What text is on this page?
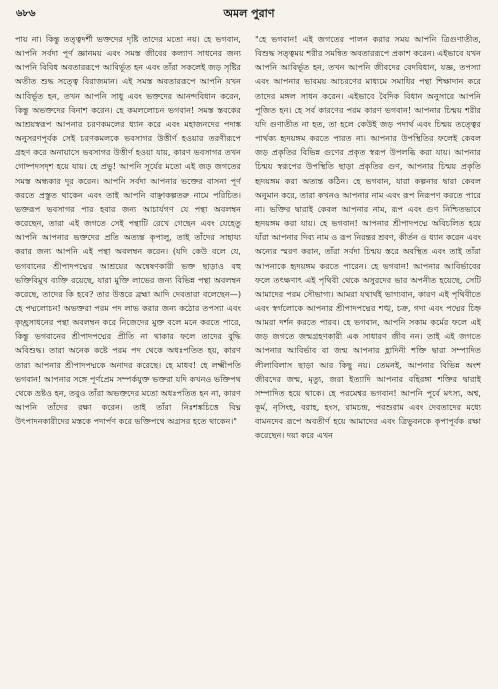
৬৮৬	অমল পুরাণ

পায় না। কিন্তু তত্ত্বদর্শী ভক্তদের দৃষ্টি তাদের মতো নয়। হে ভগবান, আপনি সর্বদা পূর্ণ জ্ঞানময় এবং সমস্ত জীবের কল্যাণ সাধনের জন্য আপনি বিবিধ অবতাররূপে আবির্ভূত হন এবং তাঁরা সকলেই জড় সৃষ্টির অতীত শুদ্ধ সত্ত্বে বিরাজমান। এই সমস্ত অবতাররূপে আপনি যখন আবির্ভূত হন, তখন আপনি সাধু এবং ভক্তদের আনন্দবিধান করেন, কিন্তু অভক্তদের বিনাশ করেন। হে কমললোচন ভগবান! সমস্ত স্তবকের আশ্রয়স্বরূপ আপনার চরণকমলের ধ্যান করে এবং মহাজনদের পদাঙ্ক অনুসরণপূর্বক সেই চরণকমলকে ভবসাগর উত্তীর্ণ হওয়ার তরণীরূপে গ্রহণ করে অনায়াসে ভবসাগর উত্তীর্ণ হওয়া যায়, কারণ ভবসাগর তখন গোষ্পদসদৃশ হয়ে যায়। হে প্রভু! আপনি সূর্যের মতো এই জড় জগতের সমস্ত অন্ধকার দূর করেন। আপনি সর্বদা আপনার ভক্তের বাসনা পূর্ণ করতে প্রস্তুত থাকেন এবং তাই আপনি বাঞ্ছাকল্পতরু নামে পরিচিত। ভক্তরূপ ভবসাগর পার হবার জন্য আচার্যগণ যে পন্থা অবলম্বন করেছেন, তারা এই জগতে সেই পন্থাটি রেখে গেছেন এবং যেহেতু আপনি আপনার ভক্তদের প্রতি অত্যন্ত কৃপালু, তাই তাঁদের সাহায্য করার জন্য আপনি এই পন্থা অবলম্বন করেন। (যদি কেউ বলে যে, ভগবানের শ্রীপাদপদ্মের আশ্রয়ের অন্বেষণকারী ভক্ত ছাড়াও বহু ভক্তিবিমুখ ব্যক্তি রয়েছে, যারা মুক্তি লাভের জন্য বিভিন্ন পন্থা অবলম্বন করেছে, তাদের কি হবে? তার উত্তরে ব্রহ্মা আদি দেবতারা বলেছেন—) হে পদ্মলোচন! অভক্তরা পরম পদ লাভ করার জন্য কঠোর তপস্যা এবং কৃচ্ছ্রসাধনের পন্থা অবলম্বন করে নিজেদের মুক্ত বলে মনে করতে পারে, কিন্তু ভগবানের শ্রীপাদপদ্মের প্রীতি না থাকার ফলে তাদের বুদ্ধি অবিশুদ্ধ। তারা অনেক কষ্টে পরম পদ থেকে অধঃপতিত হয়, কারণ তারা আপনার শ্রীপাদপদ্মকে অনাদর করেছে। হে মাধব! হে লক্ষ্মীপতি ভগবান! আপনার সঙ্গে পূর্ণপ্রেম সম্পর্কযুক্ত ভক্তরা যদি কখনও ভক্তিপথ থেকে ভ্রষ্টও হন, তবুও তাঁরা অভক্তদের মতো অধঃপতিত হন না, কারণ আপনি তাঁদের রক্ষা করেন। তাই তাঁরা নিঃশঙ্কচিত্তে বিঘ্ন উৎপাদনকারীদের মস্তকে পদার্পণ করে ভক্তিপথে অগ্রসর হতে থাকেন।"

"হে ভগবান! এই জগতের পালন করার সময় আপনি ত্রিগুণাতীত, বিশুদ্ধ সত্ত্বময় শরীর সমন্বিত অবতাররূপে প্রকাশ করেন। এইভাবে যখন আপনি আবির্ভূত হন, তখন আপনি জীবদের বেদবিধান, যজ্ঞ, তপস্যা এবং আপনার ভাবময় আচরণের মাধ্যমে সমাধির পন্থা শিক্ষাদান করে তাদের মঙ্গল সাধন করেন। এইভাবে বৈদিক বিধান অনুসারে আপনি পূজিত হন। হে সর্ব কারণের পরম কারণ ভগবান! আপনার চিন্ময় শরীর যদি গুণাতীত না হত, তা হলে কেউই জড় পদার্থ এবং চিন্ময় তত্ত্বের পার্থক্য হৃদয়ঙ্গম করতে পারত না। আপনার উপস্থিতির ফলেই কেবল জড় প্রকৃতির বিভিন্ন গুণের প্রকৃত স্বরূপ উপলব্ধি করা যায়। আপনার চিন্ময় স্বরূপের উপস্থিতি ছাড়া প্রকৃতির গুণ, আপনার চিন্ময় প্রকৃতি হৃদয়ঙ্গম করা অত্যন্ত কঠিন। হে ভগবান, যারা কল্পনার দ্বারা কেবল অনুমান করে, তারা কখনও আপনার নাম এবং রূপ নিরূপণ করতে পারে না। ভক্তির দ্বারাই কেবল আপনার নাম, রূপ এবং গুণ নিশ্চিতভাবে হৃদয়ঙ্গম করা যায়। হে ভগবান! আপনার শ্রীপাদপদ্মে অবিচলিত হয়ে যাঁরা আপনার দিব্য নাম ও রূপ নিরন্তর শ্রবণ, কীর্তন ও ধ্যান করেন এবং অন্যের স্মরণ করান, তাঁরা সর্বদা চিন্ময় স্তরে অবস্থিত এবং তাই তাঁরা আপনাকে হৃদয়ঙ্গম করতে পারেন। হে ভগবান! আপনার আবির্ভাবের ফলে তৎক্ষণাৎ এই পৃথিবী থেকে অসুরদের ভার অপনীত হয়েছে, সেটি আমাদের পরম সৌভাগ্য। আমরা যথার্থই ভাগ্যবান, কারণ এই পৃথিবীতে এবং স্বর্গলোকে আপনার শ্রীপাদপদ্মের শঙ্খ, চক্র, গদা এবং পদ্মের চিহ্ন আমরা দর্শন করতে পারব। হে ভগবান, আপনি সকাম কর্মের ফলে এই জড় জগতে জন্মগ্রহণকারী এক সাধারণ জীব নন। তাই এই জগতে আপনার আবির্ভাব বা জন্ম আপনার হ্লাদিনী শক্তি দ্বারা সম্পাদিত লীলাবিলাস ছাড়া আর কিছু নয়। তেমনই, আপনার বিভিন্ন অংশ জীবদের জন্ম, মৃত্যু, জরা ইত্যাদি আপনার বহিরঙ্গা শক্তির দ্বারাই সম্পাদিত হয়ে থাকে। হে পরমেশ্বর ভগবান! আপনি পূর্বে মৎস্য, অশ্ব, কূর্ম, নৃসিংহ, বরাহ, হংস, রামচন্দ্র, পরশুরাম এবং দেবতাদের মধ্যে বামনদেব রূপে অবতীর্ণ হয়ে আমাদের এবং ত্রিভুবনকে কৃপাপূর্বক রক্ষা করেছেন। দয়া করে এখন
